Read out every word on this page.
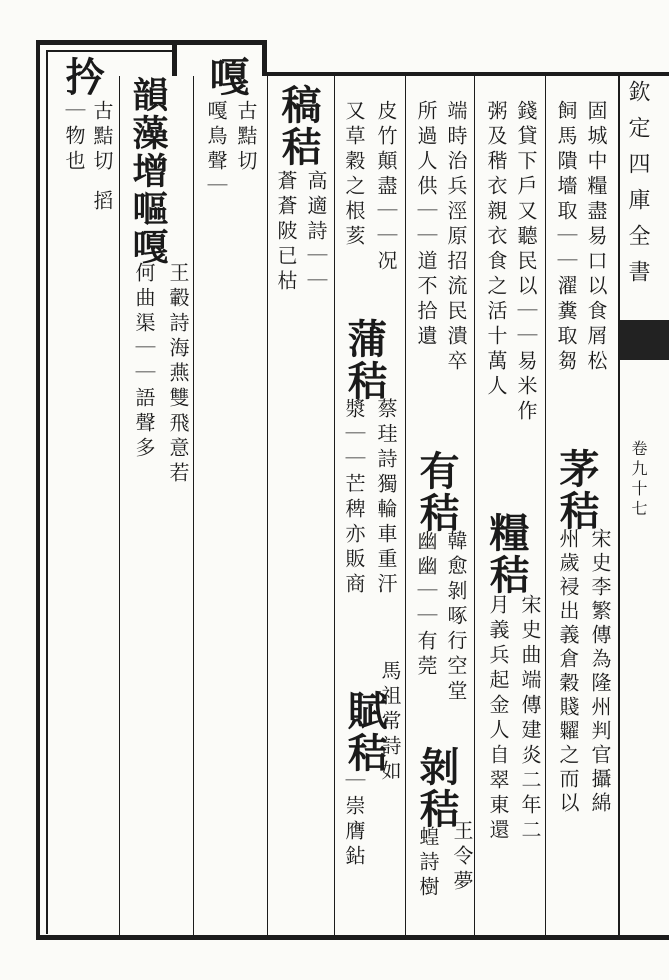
欽定四庫全書
卷九十七
扲
古黠切
｜物也
搯 韻藻增嘔嘎
王轂詩海燕雙飛意若
何曲渠｜｜語聲多
嘎
古黠切
嘎鳥聲｜ 稿秸
高適詩｜｜
蒼蒼陂已枯	皮竹顛盡｜｜况
又草穀之根荄
蒲秸
蔡珪詩獨輪車重汗
漿｜｜芒稗亦販商
所過人供｜｜道不拾遺 端時治兵涇原招流民潰卒
有秸
韓愈剝啄行空堂
幽幽｜｜有莞
賦秸
馬祖常詩如
｜崇膺鉆
粥及稭衣親衣食之活十萬人 錢貸下戶又聽民以｜｜易米作
糧秸
宋史曲端傳建炎二年二
月義兵起金人自翠東還
剝秸
王令夢
蝗詩樹
飼馬隤墻取｜｜濯糞取芻 固城中糧盡易口以食屑松
茅秸
宋史李繁傳為隆州判官攝綿
州歲祲出義倉穀賤糶之而以
